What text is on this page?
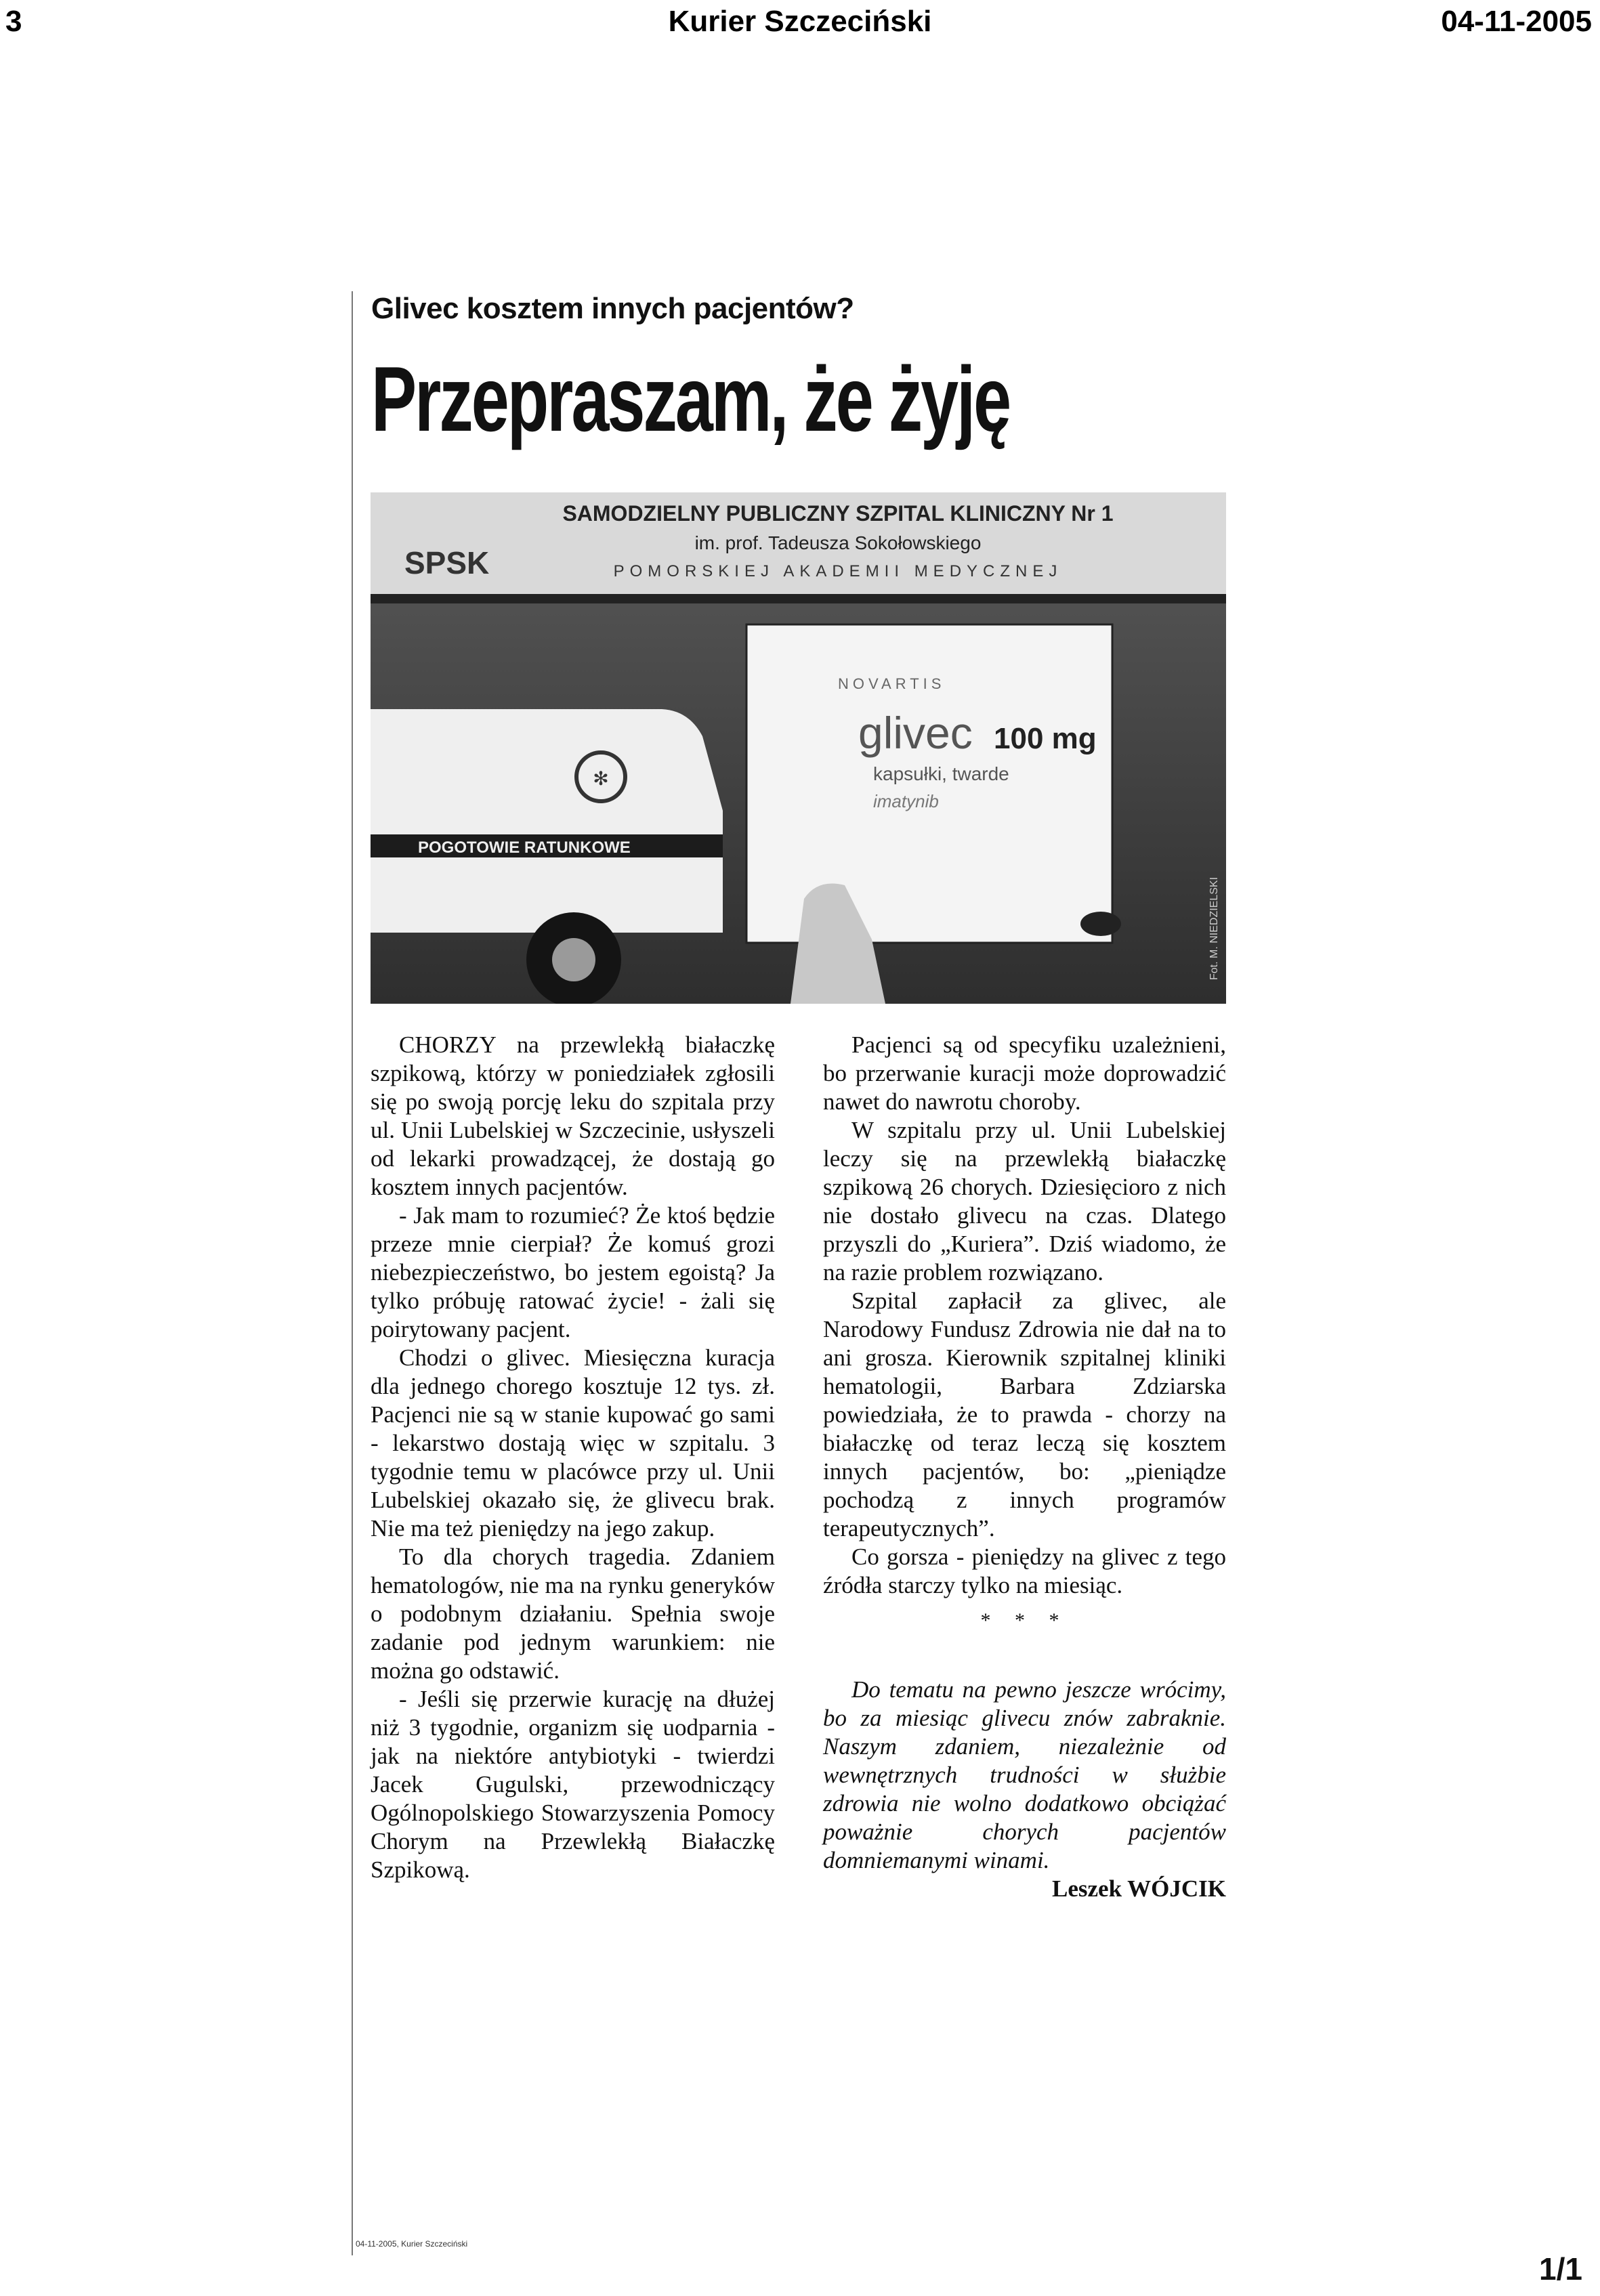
3	Kurier Szczeciński	04-11-2005
Glivec kosztem innych pacjentów?
Przepraszam, że żyję
SPSK
SAMODZIELNY PUBLICZNY SZPITAL KLINICZNY Nr 1
im. prof. Tadeusza Sokołowskiego
POMORSKIEJ AKADEMII MEDYCZNEJ
POGOTOWIE RATUNKOWE
✻
NOVARTIS
glivec 100 mg
kapsułki, twarde
imatynib
Fot. M. NIEDZIELSKI

CHORZY na przewlekłą białaczkę szpikową, którzy w poniedziałek zgłosili się po swoją porcję leku do szpitala przy ul. Unii Lubelskiej w Szczecinie, usłyszeli od lekarki prowadzącej, że dostają go kosztem innych pacjentów.

- Jak mam to rozumieć? Że ktoś będzie przeze mnie cierpiał? Że komuś grozi niebezpieczeństwo, bo jestem egoistą? Ja tylko próbuję ratować życie! - żali się poirytowany pacjent.

Chodzi o glivec. Miesięczna kuracja dla jednego chorego kosztuje 12 tys. zł. Pacjenci nie są w stanie kupować go sami - lekarstwo dostają więc w szpitalu. 3 tygodnie temu w placówce przy ul. Unii Lubelskiej okazało się, że glivecu brak. Nie ma też pieniędzy na jego zakup.

To dla chorych tragedia. Zdaniem hematologów, nie ma na rynku generyków o podobnym działaniu. Spełnia swoje zadanie pod jednym warunkiem: nie można go odstawić.

- Jeśli się przerwie kurację na dłużej niż 3 tygodnie, organizm się uodparnia - jak na niektóre antybiotyki - twierdzi Jacek Gugulski, przewodniczący Ogólnopolskiego Stowarzyszenia Pomocy Chorym na Przewlekłą Białaczkę Szpikową.

Pacjenci są od specyfiku uzależnieni, bo przerwanie kuracji może doprowadzić nawet do nawrotu choroby.

W szpitalu przy ul. Unii Lubelskiej leczy się na przewlekłą białaczkę szpikową 26 chorych. Dziesięcioro z nich nie dostało glivecu na czas. Dlatego przyszli do „Kuriera”. Dziś wiadomo, że na razie problem rozwiązano.

Szpital zapłacił za glivec, ale Narodowy Fundusz Zdrowia nie dał na to ani grosza. Kierownik szpitalnej kliniki hematologii, Barbara Zdziarska powiedziała, że to prawda - chorzy na białaczkę od teraz leczą się kosztem innych pacjentów, bo: „pieniądze pochodzą z innych programów terapeutycznych”.

Co gorsza - pieniędzy na glivec z tego źródła starczy tylko na miesiąc.

* * *

Do tematu na pewno jeszcze wrócimy, bo za miesiąc glivecu znów zabraknie. Naszym zdaniem, niezależnie od wewnętrznych trudności w służbie zdrowia nie wolno dodatkowo obciążać poważnie chorych pacjentów domniemanymi winami.

Leszek WÓJCIK

04-11-2005, Kurier Szczeciński
1/1
